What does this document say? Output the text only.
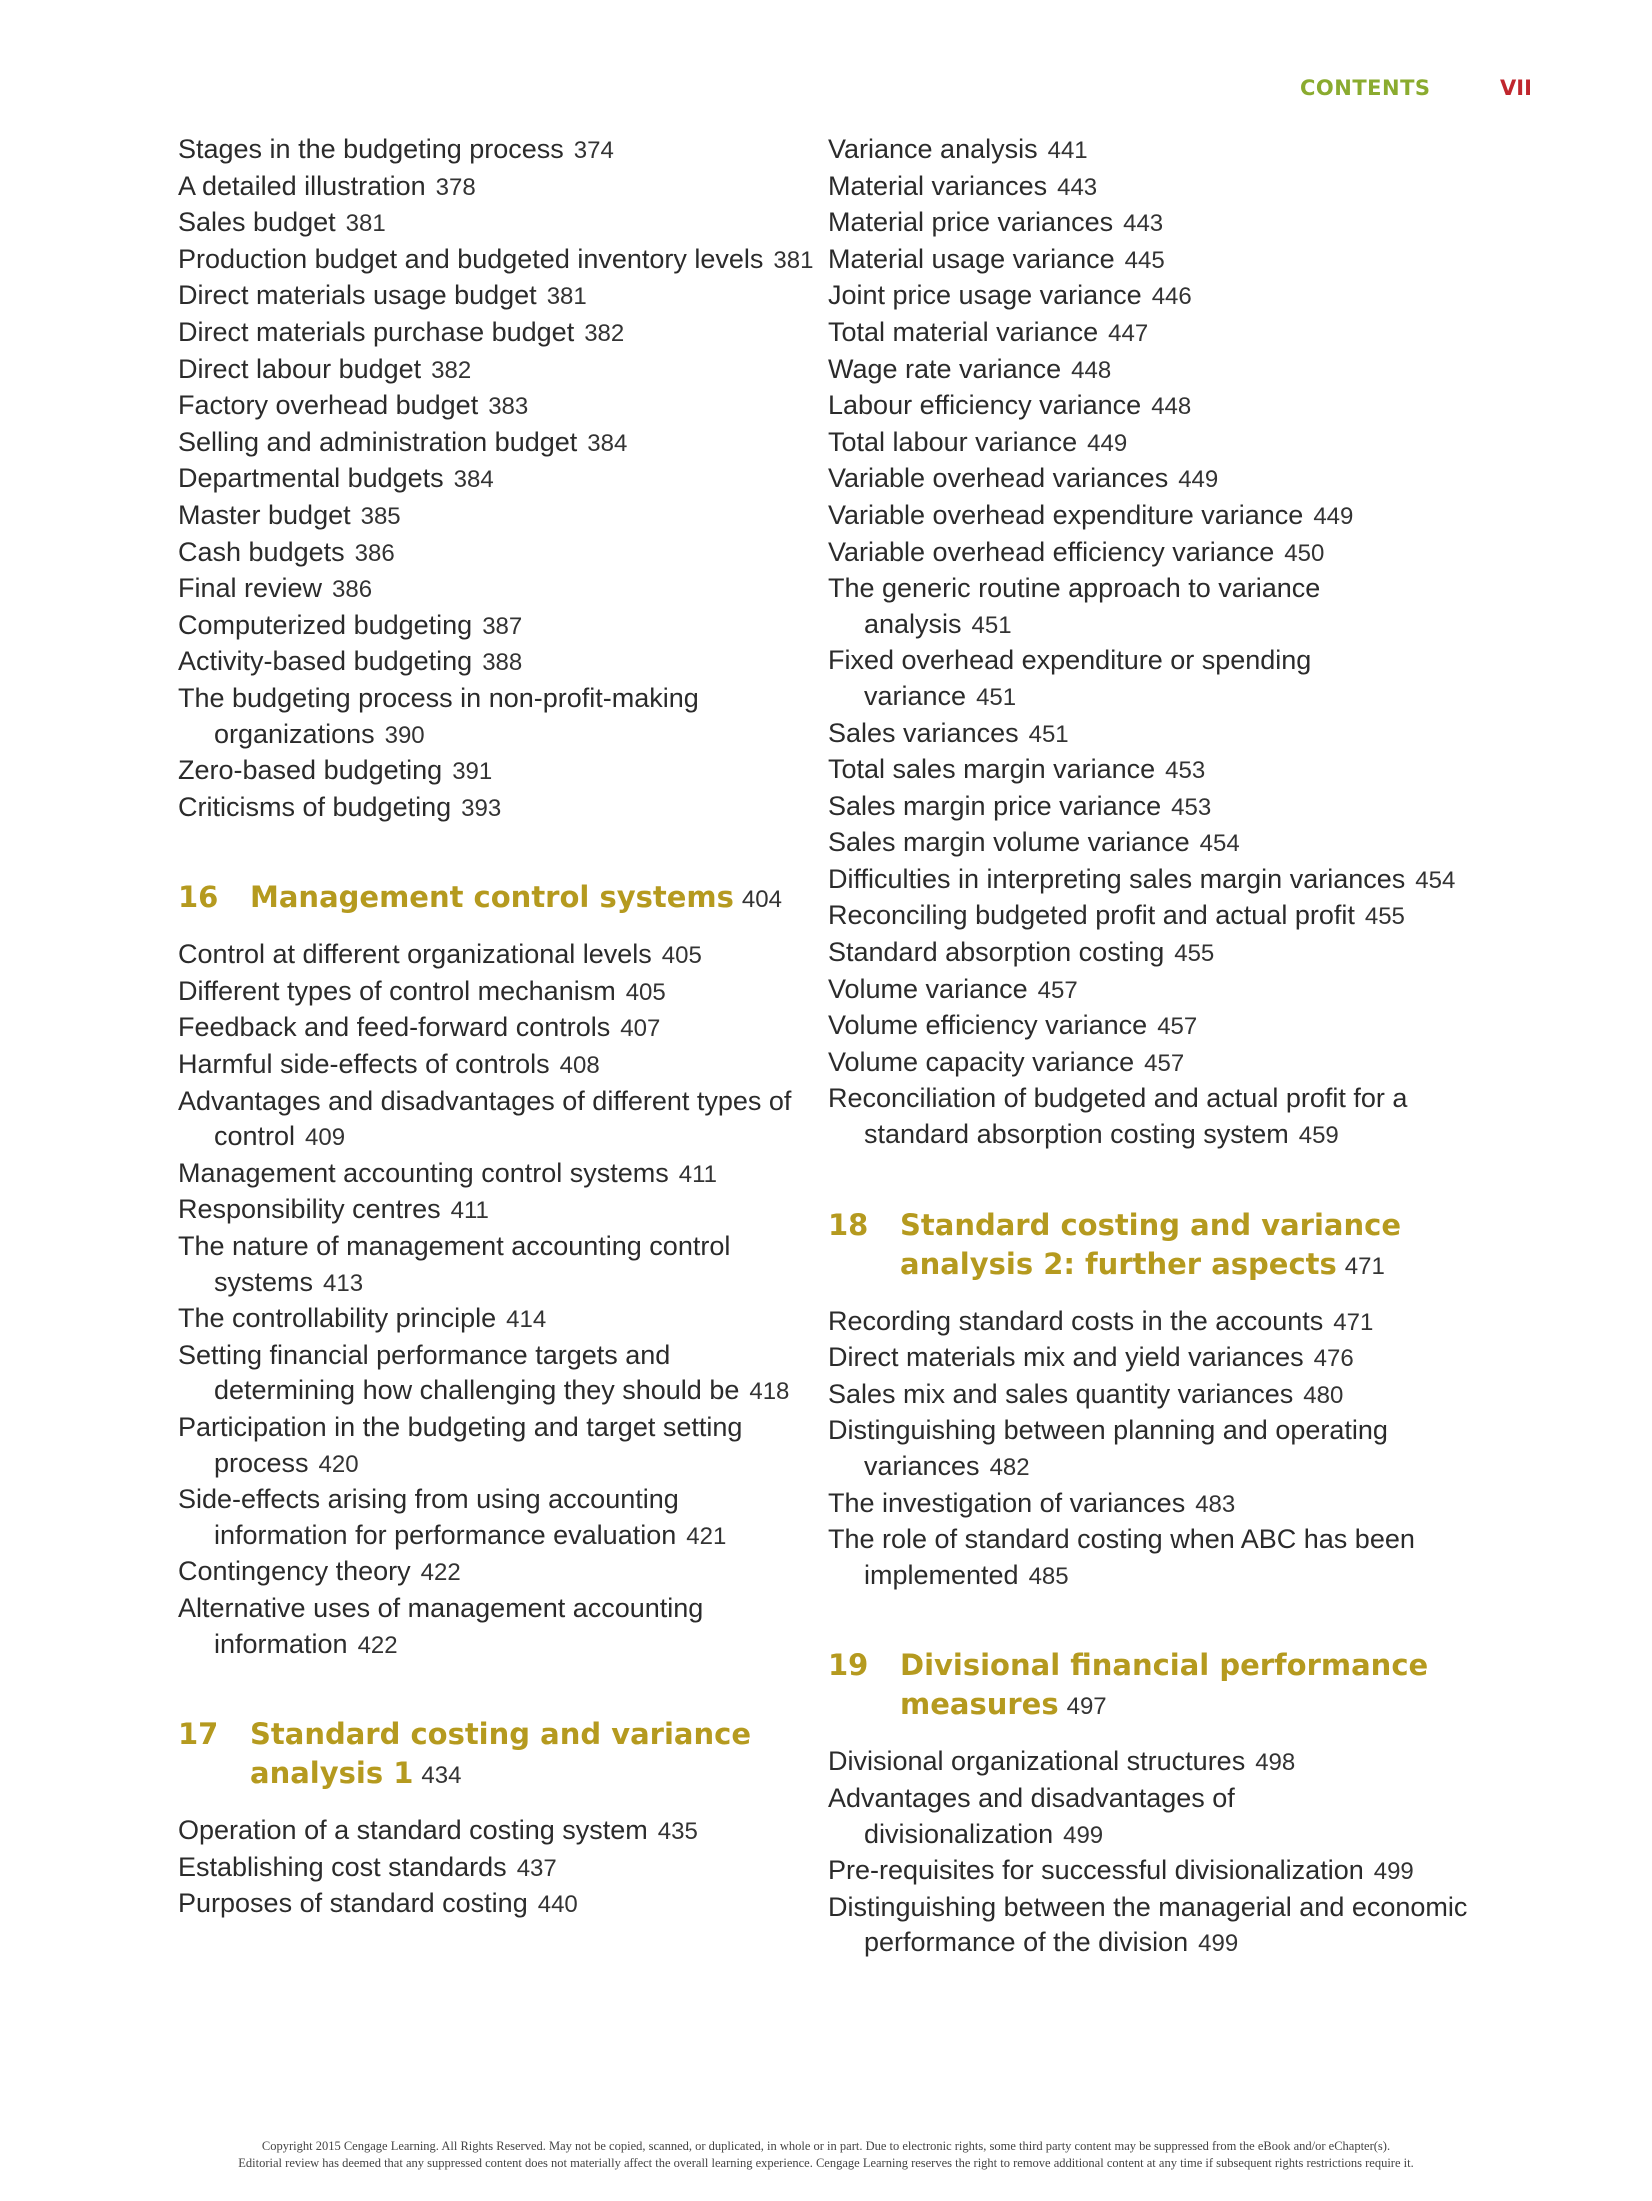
CONTENTS	VII
Stages in the budgeting process 374
A detailed illustration 378
Sales budget 381
Production budget and budgeted inventory levels 381
Direct materials usage budget 381
Direct materials purchase budget 382
Direct labour budget 382
Factory overhead budget 383
Selling and administration budget 384
Departmental budgets 384
Master budget 385
Cash budgets 386
Final review 386
Computerized budgeting 387
Activity-based budgeting 388
The budgeting process in non-profit-making organizations 390
Zero-based budgeting 391
Criticisms of budgeting 393
16 Management control systems 404
Control at different organizational levels 405
Different types of control mechanism 405
Feedback and feed-forward controls 407
Harmful side-effects of controls 408
Advantages and disadvantages of different types of control 409
Management accounting control systems 411
Responsibility centres 411
The nature of management accounting control systems 413
The controllability principle 414
Setting financial performance targets and determining how challenging they should be 418
Participation in the budgeting and target setting process 420
Side-effects arising from using accounting information for performance evaluation 421
Contingency theory 422
Alternative uses of management accounting information 422
17 Standard costing and variance analysis 1 434
Operation of a standard costing system 435
Establishing cost standards 437
Purposes of standard costing 440
Variance analysis 441
Material variances 443
Material price variances 443
Material usage variance 445
Joint price usage variance 446
Total material variance 447
Wage rate variance 448
Labour efficiency variance 448
Total labour variance 449
Variable overhead variances 449
Variable overhead expenditure variance 449
Variable overhead efficiency variance 450
The generic routine approach to variance analysis 451
Fixed overhead expenditure or spending variance 451
Sales variances 451
Total sales margin variance 453
Sales margin price variance 453
Sales margin volume variance 454
Difficulties in interpreting sales margin variances 454
Reconciling budgeted profit and actual profit 455
Standard absorption costing 455
Volume variance 457
Volume efficiency variance 457
Volume capacity variance 457
Reconciliation of budgeted and actual profit for a standard absorption costing system 459
18 Standard costing and variance analysis 2: further aspects 471
Recording standard costs in the accounts 471
Direct materials mix and yield variances 476
Sales mix and sales quantity variances 480
Distinguishing between planning and operating variances 482
The investigation of variances 483
The role of standard costing when ABC has been implemented 485
19 Divisional financial performance measures 497
Divisional organizational structures 498
Advantages and disadvantages of divisionalization 499
Pre-requisites for successful divisionalization 499
Distinguishing between the managerial and economic performance of the division 499
Copyright 2015 Cengage Learning. All Rights Reserved. May not be copied, scanned, or duplicated, in whole or in part. Due to electronic rights, some third party content may be suppressed from the eBook and/or eChapter(s).
Editorial review has deemed that any suppressed content does not materially affect the overall learning experience. Cengage Learning reserves the right to remove additional content at any time if subsequent rights restrictions require it.
